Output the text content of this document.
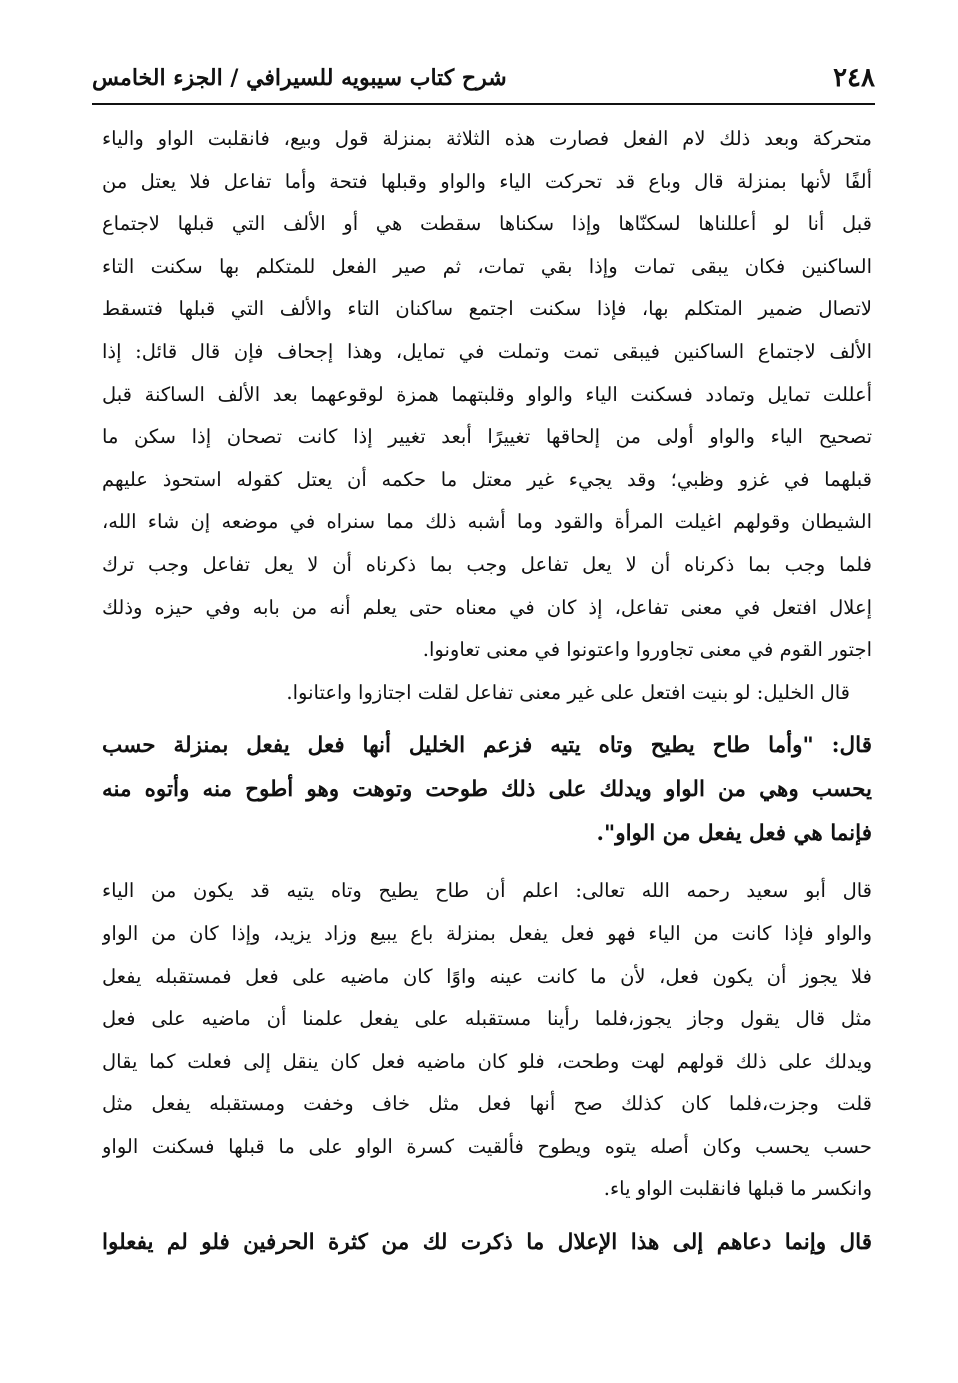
٢٤٨
شرح كتاب سيبويه للسيرافي / الجزء الخامس
متحركة وبعد ذلك لام الفعل فصارت هذه الثلاثة بمنزلة قول وبيع، فانقلبت الواو والياء
ألفًا لأنها بمنزلة قال وباع قد تحركت الياء والواو وقبلها فتحة وأما تفاعل فلا يعتل من
قبل أنا لو أعللناها لسكنّاها وإذا سكناها سقطت هي أو الألف التي قبلها لاجتماع
الساكنين فكان يبقى تمات وإذا بقي تمات، ثم صير الفعل للمتكلم بها سكنت التاء
لاتصال ضمير المتكلم بها، فإذا سكنت اجتمع ساكنان التاء والألف التي قبلها فتسقط
الألف لاجتماع الساكنين فيبقى تمت وتملت في تمايل، وهذا إجحاف فإن قال قائل: إذا
أعللت تمايل وتمادد فسكنت الياء والواو وقلبتهما همزة لوقوعهما بعد الألف الساكنة قبل
تصحيح الياء والواو أولى من إلحاقها تغييرًا أبعد تغيير إذا كانت تصحان إذا سكن ما
قبلهما في غزو وظبي؛ وقد يجيء غير معتل ما حكمه أن يعتل كقوله استحوذ عليهم
الشيطان وقولهم اغيلت المرأة والقود وما أشبه ذلك مما سنراه في موضعه إن شاء الله،
فلما وجب بما ذكرناه أن لا يعل تفاعل وجب بما ذكرناه أن لا يعل تفاعل وجب ترك
إعلال افتعل في معنى تفاعل، إذ كان في معناه حتى يعلم أنه من بابه وفي حيزه وذلك
اجتور القوم في معنى تجاوروا واعتونوا في معنى تعاونوا.
قال الخليل: لو بنيت افتعل على غير معنى تفاعل لقلت اجتازوا واعتانوا.
قال: "وأما طاح يطيح وتاه يتيه فزعم الخليل أنها فعل يفعل بمنزلة حسب
يحسب وهي من الواو ويدلك على ذلك طوحت وتوهت وهو أطوح منه وأتوه منه
فإنما هي فعل يفعل من الواو".
قال أبو سعيد رحمه الله تعالى: اعلم أن طاح يطيح وتاه يتيه قد يكون من الياء
والواو فإذا كانت من الياء فهو فعل يفعل بمنزلة باع يبيع وزاد يزيد، وإذا كان من الواو
فلا يجوز أن يكون فعل، لأن ما كانت عينه واوًا كان ماضيه على فعل فمستقبله يفعل
مثل قال يقول وجاز يجوز،فلما رأينا مستقبله على يفعل علمنا أن ماضيه على فعل
ويدلك على ذلك قولهم لهت وطحت، فلو كان ماضيه فعل كان ينقل إلى فعلت كما يقال
قلت وجزت،فلما كان كذلك صح أنها فعل مثل خاف وخفت ومستقبله يفعل مثل
حسب يحسب وكان أصله يتوه ويطوح فألقيت كسرة الواو على ما قبلها فسكنت الواو
وانكسر ما قبلها فانقلبت الواو ياء.
قال وإنما دعاهم إلى هذا الإعلال ما ذكرت لك من كثرة الحرفين فلو لم يفعلوا
